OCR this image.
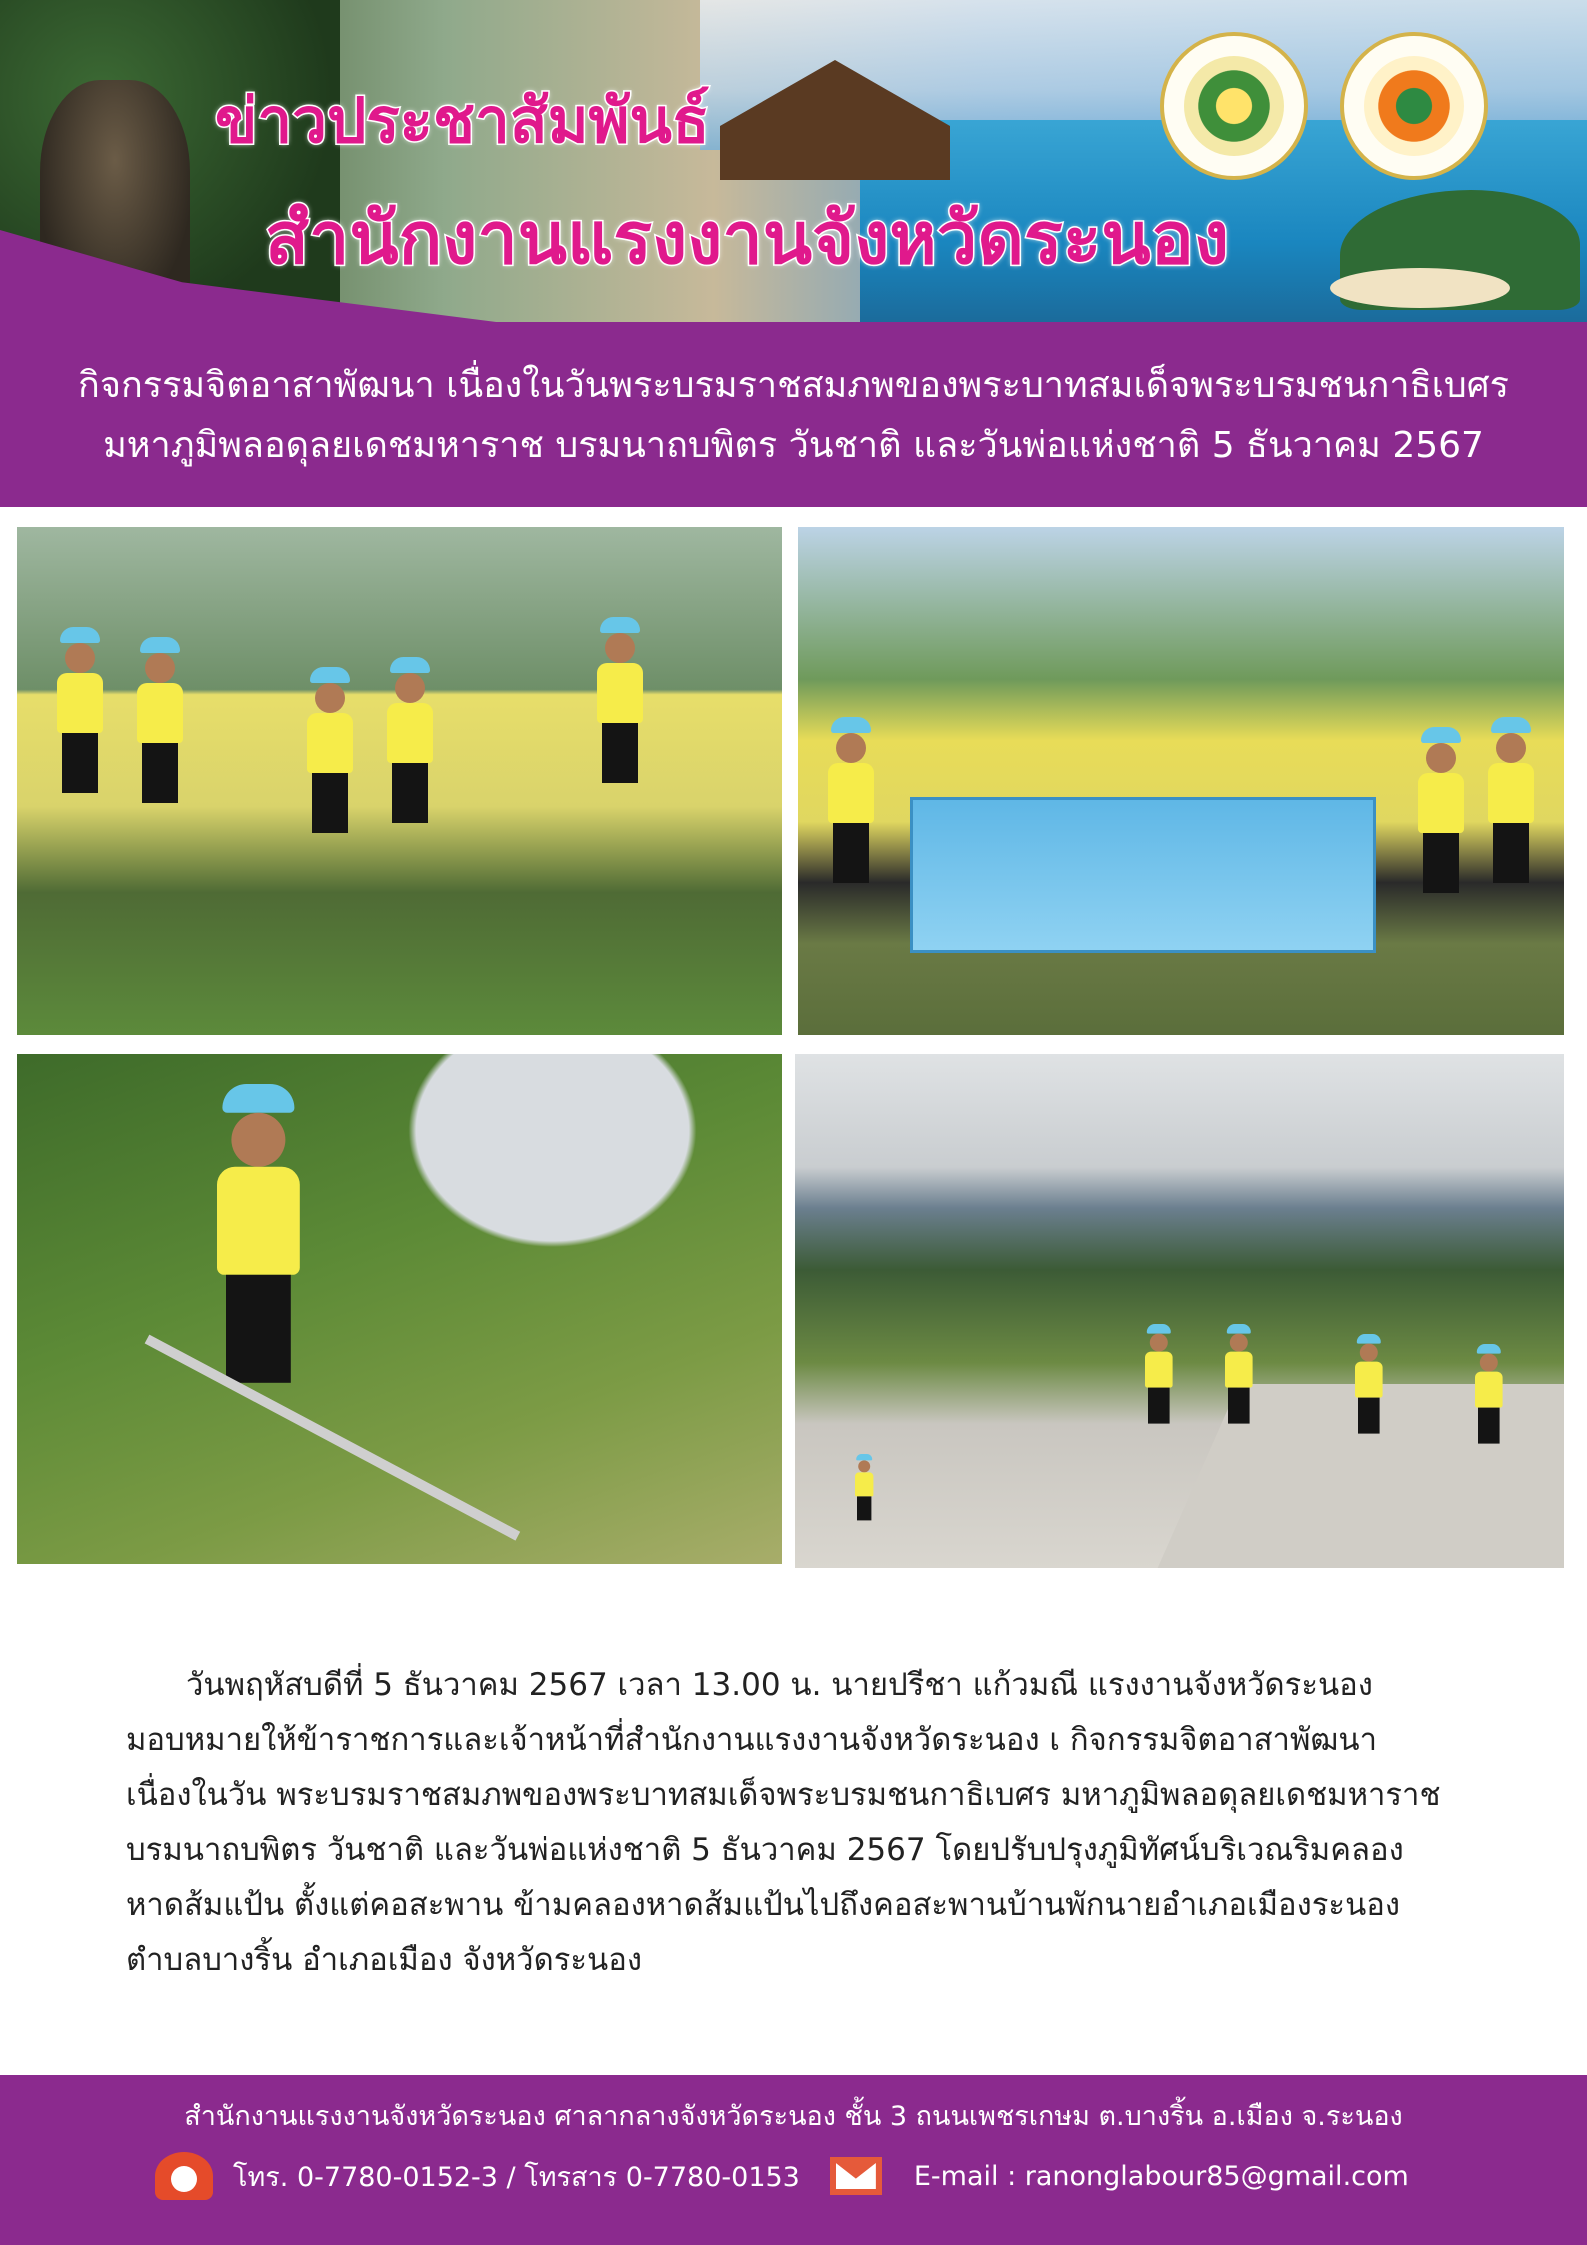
ข่าวประชาสัมพันธ์
สำนักงานแรงงานจังหวัดระนอง

กิจกรรมจิตอาสาพัฒนา เนื่องในวันพระบรมราชสมภพของพระบาทสมเด็จพระบรมชนกาธิเบศร

มหาภูมิพลอดุลยเดชมหาราช บรมนาถบพิตร วันชาติ และวันพ่อแห่งชาติ 5 ธันวาคม 2567

วันพฤหัสบดีที่ 5 ธันวาคม 2567 เวลา 13.00 น. นายปรีชา แก้วมณี แรงงานจังหวัดระนอง

มอบหมายให้ข้าราชการและเจ้าหน้าที่สำนักงานแรงงานจังหวัดระนอง เ กิจกรรมจิตอาสาพัฒนา

เนื่องในวัน พระบรมราชสมภพของพระบาทสมเด็จพระบรมชนกาธิเบศร มหาภูมิพลอดุลยเดชมหาราช

บรมนาถบพิตร วันชาติ และวันพ่อแห่งชาติ 5 ธันวาคม 2567 โดยปรับปรุงภูมิทัศน์บริเวณริมคลอง

หาดส้มแป้น ตั้งแต่คอสะพาน ข้ามคลองหาดส้มแป้นไปถึงคอสะพานบ้านพักนายอำเภอเมืองระนอง

ตำบลบางริ้น อำเภอเมือง จังหวัดระนอง

สำนักงานแรงงานจังหวัดระนอง ศาลากลางจังหวัดระนอง ชั้น 3 ถนนเพชรเกษม ต.บางริ้น อ.เมือง จ.ระนอง

โทร. 0-7780-0152-3 / โทรสาร 0-7780-0153	E-mail : ranonglabour85@gmail.com
